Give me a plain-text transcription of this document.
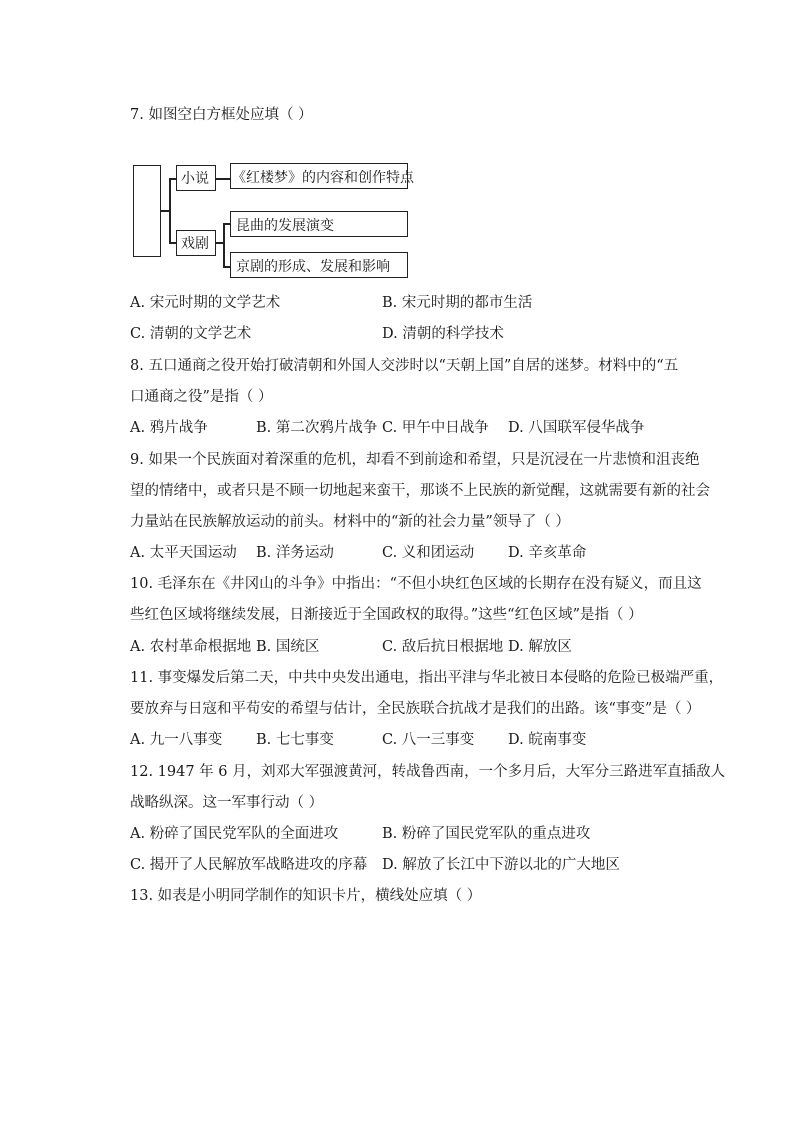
7. 如图空白方框处应填（ ）
小说 《红楼梦》的内容和创作特点
戏剧
昆曲的发展演变
京剧的形成、发展和影响
A. 宋元时期的文学艺术	B. 宋元时期的都市生活
C. 清朝的文学艺术	D. 清朝的科学技术
8. 五口通商之役开始打破清朝和外国人交涉时以“天朝上国”自居的迷梦。材料中的“五
口通商之役”是指（ ）
A. 鸦片战争	B. 第二次鸦片战争 C. 甲午中日战争 D. 八国联军侵华战争
9. 如果一个民族面对着深重的危机，却看不到前途和希望，只是沉浸在一片悲愤和沮丧绝
望的情绪中，或者只是不顾一切地起来蛮干，那谈不上民族的新觉醒，这就需要有新的社会
力量站在民族解放运动的前头。材料中的“新的社会力量”领导了（ ）
A. 太平天国运动 B. 洋务运动	C. 义和团运动 D. 辛亥革命
10. 毛泽东在《井冈山的斗争》中指出：“不但小块红色区域的长期存在没有疑义，而且这
些红色区域将继续发展，日渐接近于全国政权的取得。”这些“红色区域”是指（ ）
A. 农村革命根据地 B. 国统区	C. 敌后抗日根据地 D. 解放区
11. 事变爆发后第二天，中共中央发出通电，指出平津与华北被日本侵略的危险已极端严重，
要放弃与日寇和平苟安的希望与估计，全民族联合抗战才是我们的出路。该“事变”是（ ）
A. 九一八事变 B. 七七事变	C. 八一三事变 D. 皖南事变
12. 1947 年 6 月，刘邓大军强渡黄河，转战鲁西南，一个多月后，大军分三路进军直插敌人
战略纵深。这一军事行动（ ）
A. 粉碎了国民党军队的全面进攻	B. 粉碎了国民党军队的重点进攻
C. 揭开了人民解放军战略进攻的序幕 D. 解放了长江中下游以北的广大地区
13. 如表是小明同学制作的知识卡片，横线处应填（ ）
